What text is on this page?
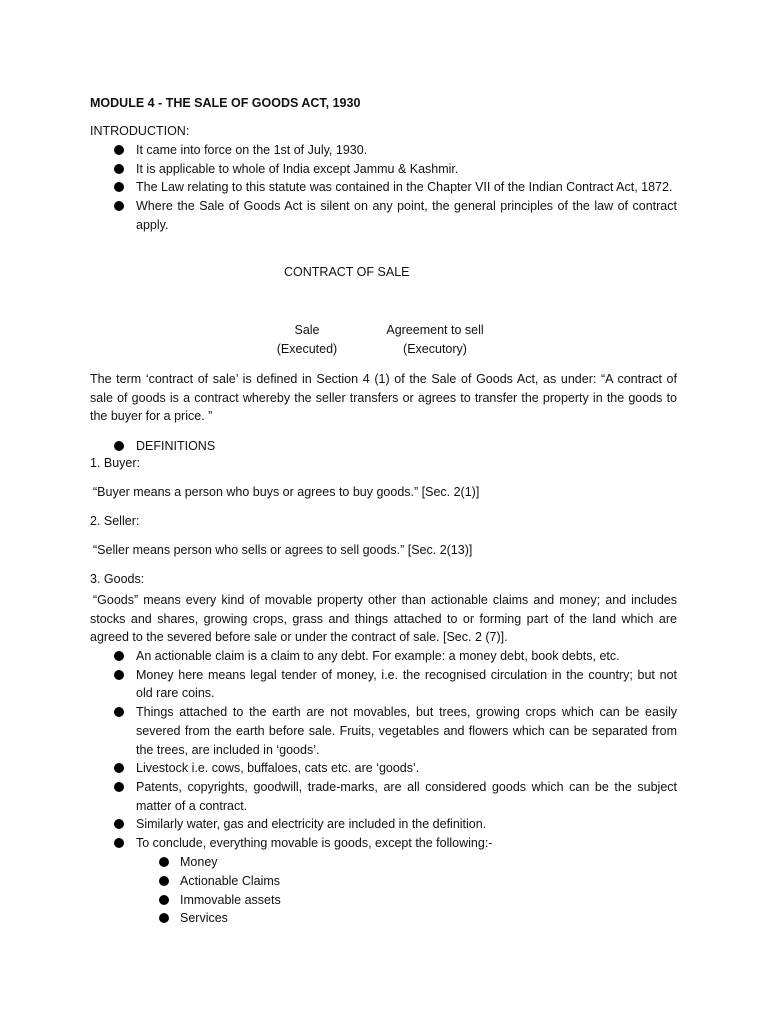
MODULE 4 - THE SALE OF GOODS ACT, 1930
INTRODUCTION:
It came into force on the 1st of July, 1930.
It is applicable to whole of India except Jammu & Kashmir.
The Law relating to this statute was contained in the Chapter VII of the Indian Contract Act, 1872.
Where the Sale of Goods Act is silent on any point, the general principles of the law of contract apply.
CONTRACT OF SALE
Sale
(Executed)
Agreement to sell
(Executory)
The term ‘contract of sale’ is defined in Section 4 (1) of the Sale of Goods Act, as under: “A contract of sale of goods is a contract whereby the seller transfers or agrees to transfer the property in the goods to the buyer for a price. ”
DEFINITIONS
1. Buyer:
“Buyer means a person who buys or agrees to buy goods.” [Sec. 2(1)]
2. Seller:
“Seller means person who sells or agrees to sell goods.” [Sec. 2(13)]
3. Goods:
“Goods” means every kind of movable property other than actionable claims and money; and includes stocks and shares, growing crops, grass and things attached to or forming part of the land which are agreed to the severed before sale or under the contract of sale. [Sec. 2 (7)].
An actionable claim is a claim to any debt. For example: a money debt, book debts, etc.
Money here means legal tender of money, i.e. the recognised circulation in the country; but not old rare coins.
Things attached to the earth are not movables, but trees, growing crops which can be easily severed from the earth before sale. Fruits, vegetables and flowers which can be separated from the trees, are included in ‘goods’.
Livestock i.e. cows, buffaloes, cats etc. are ‘goods’.
Patents, copyrights, goodwill, trade-marks, are all considered goods which can be the subject matter of a contract.
Similarly water, gas and electricity are included in the definition.
To conclude, everything movable is goods, except the following:-
Money
Actionable Claims
Immovable assets
Services
